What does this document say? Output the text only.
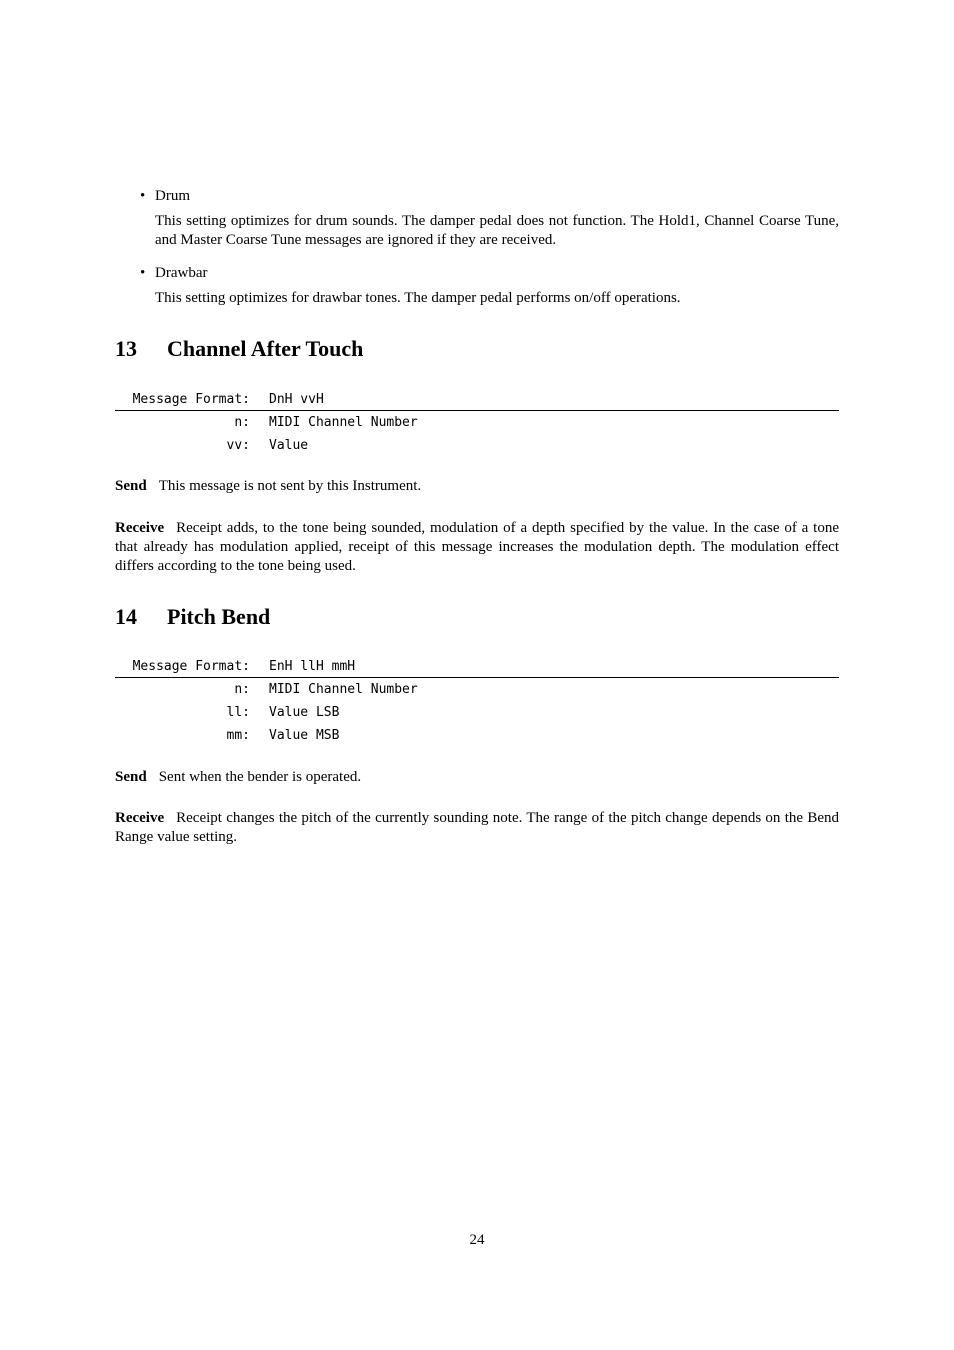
• Drum
This setting optimizes for drum sounds. The damper pedal does not function. The Hold1, Channel Coarse Tune, and Master Coarse Tune messages are ignored if they are received.
• Drawbar
This setting optimizes for drawbar tones. The damper pedal performs on/off operations.
13 Channel After Touch
Message Format: DnH vvH
n: MIDI Channel Number
vv: Value
Send This message is not sent by this Instrument.
Receive Receipt adds, to the tone being sounded, modulation of a depth specified by the value. In the case of a tone that already has modulation applied, receipt of this message increases the modulation depth. The modulation effect differs according to the tone being used.
14 Pitch Bend
Message Format: EnH llH mmH
n: MIDI Channel Number
ll: Value LSB
mm: Value MSB
Send Sent when the bender is operated.
Receive Receipt changes the pitch of the currently sounding note. The range of the pitch change depends on the Bend Range value setting.
24
